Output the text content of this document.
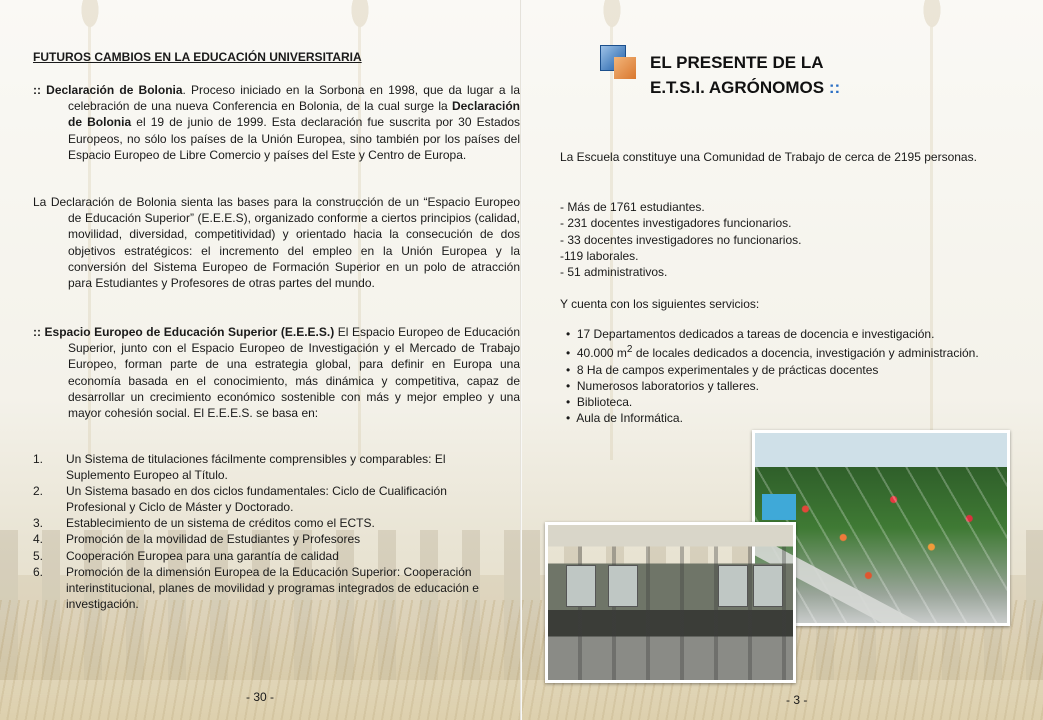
FUTUROS CAMBIOS EN LA EDUCACIÓN UNIVERSITARIA

:: Declaración de Bolonia. Proceso iniciado en la Sorbona en 1998, que da lugar a la celebración de una nueva Conferencia en Bolonia, de la cual surge la Declaración de Bolonia el 19 de junio de 1999. Esta declaración fue suscrita por 30 Estados Europeos, no sólo los países de la Unión Europea, sino también por los países del Espacio Europeo de Libre Comercio y países del Este y Centro de Europa.
La Declaración de Bolonia sienta las bases para la construcción de un “Espacio Europeo de Educación Superior” (E.E.E.S), organizado conforme a ciertos principios (calidad, movilidad, diversidad, competitividad) y orientado hacia la consecución de dos objetivos estratégicos: el incremento del empleo en la Unión Europea y la conversión del Sistema Europeo de Formación Superior en un polo de atracción para Estudiantes y Profesores de otras partes del mundo.
:: Espacio Europeo de Educación Superior (E.E.E.S.) El Espacio Europeo de Educación Superior, junto con el Espacio Europeo de Investigación y el Mercado de Trabajo Europeo, forman parte de una estrategia global, para definir en Europa una economía basada en el conocimiento, más dinámica y competitiva, capaz de desarrollar un crecimiento económico sostenible con más y mejor empleo y una mayor cohesión social. El E.E.E.S. se basa en:
1.	Un Sistema de titulaciones fácilmente comprensibles y comparables: El Suplemento Europeo al Título.
2.	Un Sistema basado en dos ciclos fundamentales: Ciclo de Cualificación Profesional y Ciclo de Máster y Doctorado.
3.	Establecimiento de un sistema de créditos como el ECTS.
4.	Promoción de la movilidad de Estudiantes y Profesores
5.	Cooperación Europea para una garantía de calidad
6.	Promoción de la dimensión Europea de la Educación Superior: Cooperación interinstitucional, planes de movilidad y programas integrados de educación e investigación.
- 30 -
EL PRESENTE DE LA
E.T.S.I. AGRÓNOMOS ::
La Escuela constituye una Comunidad de Trabajo de cerca de 2195 personas.
- Más de 1761 estudiantes.
- 231 docentes investigadores funcionarios.
- 33 docentes investigadores no funcionarios.
-119 laborales.
- 51 administrativos.
Y cuenta con los siguientes servicios:
• 17 Departamentos dedicados a tareas de docencia e investigación.
• 40.000 $m^2$ de locales dedicados a docencia, investigación y administración.
• 8 Ha de campos experimentales y de prácticas docentes
• Numerosos laboratorios y talleres.
• Biblioteca.
• Aula de Informática.
- 3 -
